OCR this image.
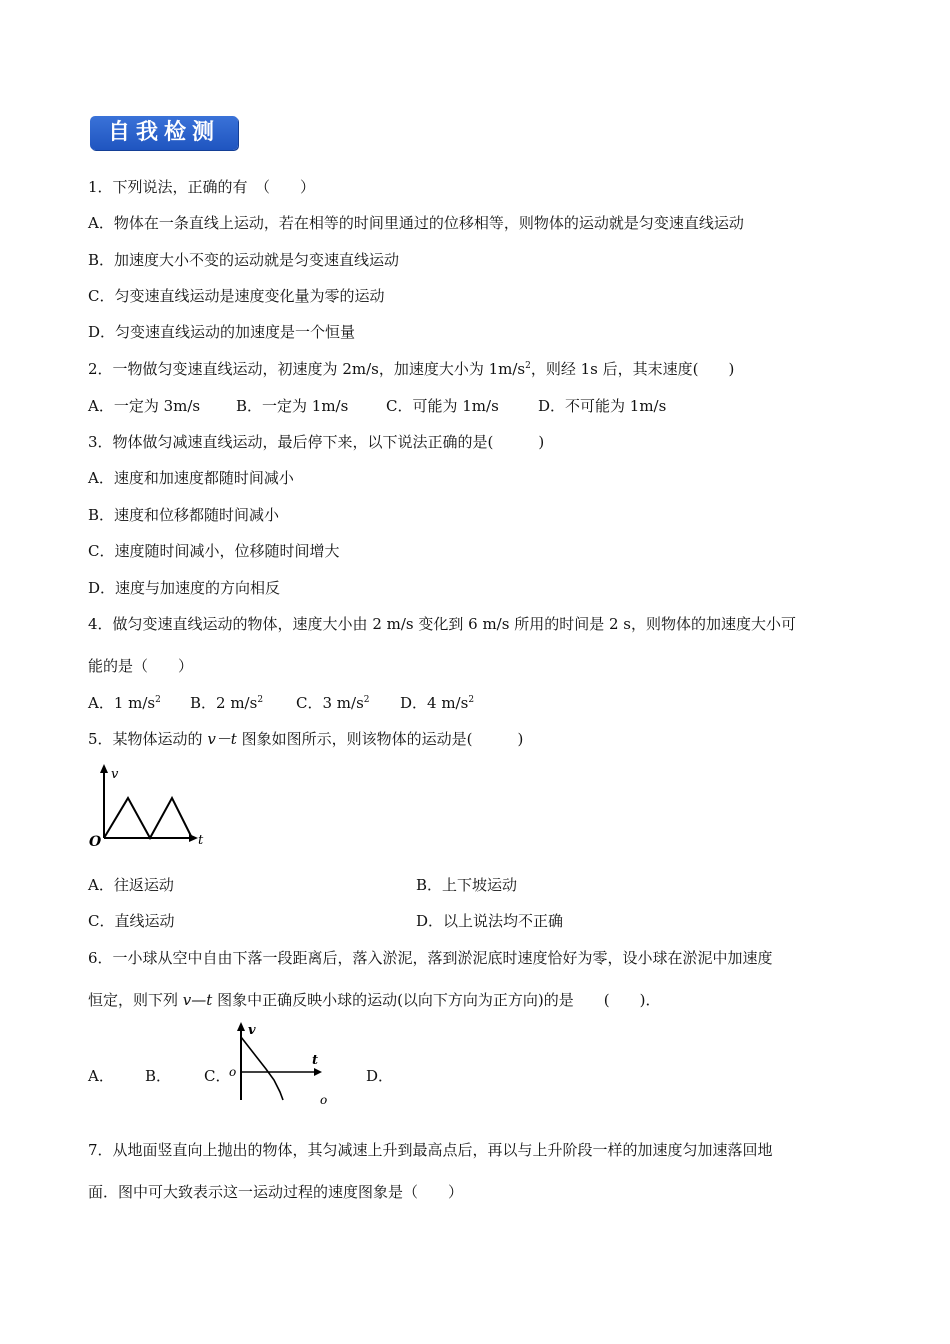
自我检测
1．下列说法，正确的有　（　　）
A．物体在一条直线上运动，若在相等的时间里通过的位移相等，则物体的运动就是匀变速直线运动
B．加速度大小不变的运动就是匀变速直线运动
C．匀变速直线运动是速度变化量为零的运动
D．匀变速直线运动的加速度是一个恒量
2．一物做匀变速直线运动，初速度为 2m/s，加速度大小为 $1m/s^2$，则经 1s 后，其末速度(　　)
A．一定为 3m/s B．一定为 1m/s	C．可能为 1m/s	D．不可能为 1m/s
3．物体做匀减速直线运动，最后停下来，以下说法正确的是(　　　)
A．速度和加速度都随时间减小
B．速度和位移都随时间减小
C．速度随时间减小，位移随时间增大
D．速度与加速度的方向相反
4．做匀变速直线运动的物体，速度大小由 2 m/s 变化到 6 m/s 所用的时间是 2 s，则物体的加速度大小可
能的是（　　）
A．1 $m/s^2$ B．2 $m/s^2$ C．3 $m/s^2$ D．4 $m/s^2$
5．某物体运动的 v－t 图象如图所示，则该物体的运动是(　　　)
v
t
O
A．往返运动	B．上下坡运动
C．直线运动	D．以上说法均不正确
6．一小球从空中自由下落一段距离后，落入淤泥，落到淤泥底时速度恰好为零，设小球在淤泥中加速度
恒定，则下列 v—t 图象中正确反映小球的运动(以向下方向为正方向)的是　　(　　)．
A． B． C．	D．
v
t
o
o
7．从地面竖直向上抛出的物体，其匀减速上升到最高点后，再以与上升阶段一样的加速度匀加速落回地
面．图中可大致表示这一运动过程的速度图象是（　　）
